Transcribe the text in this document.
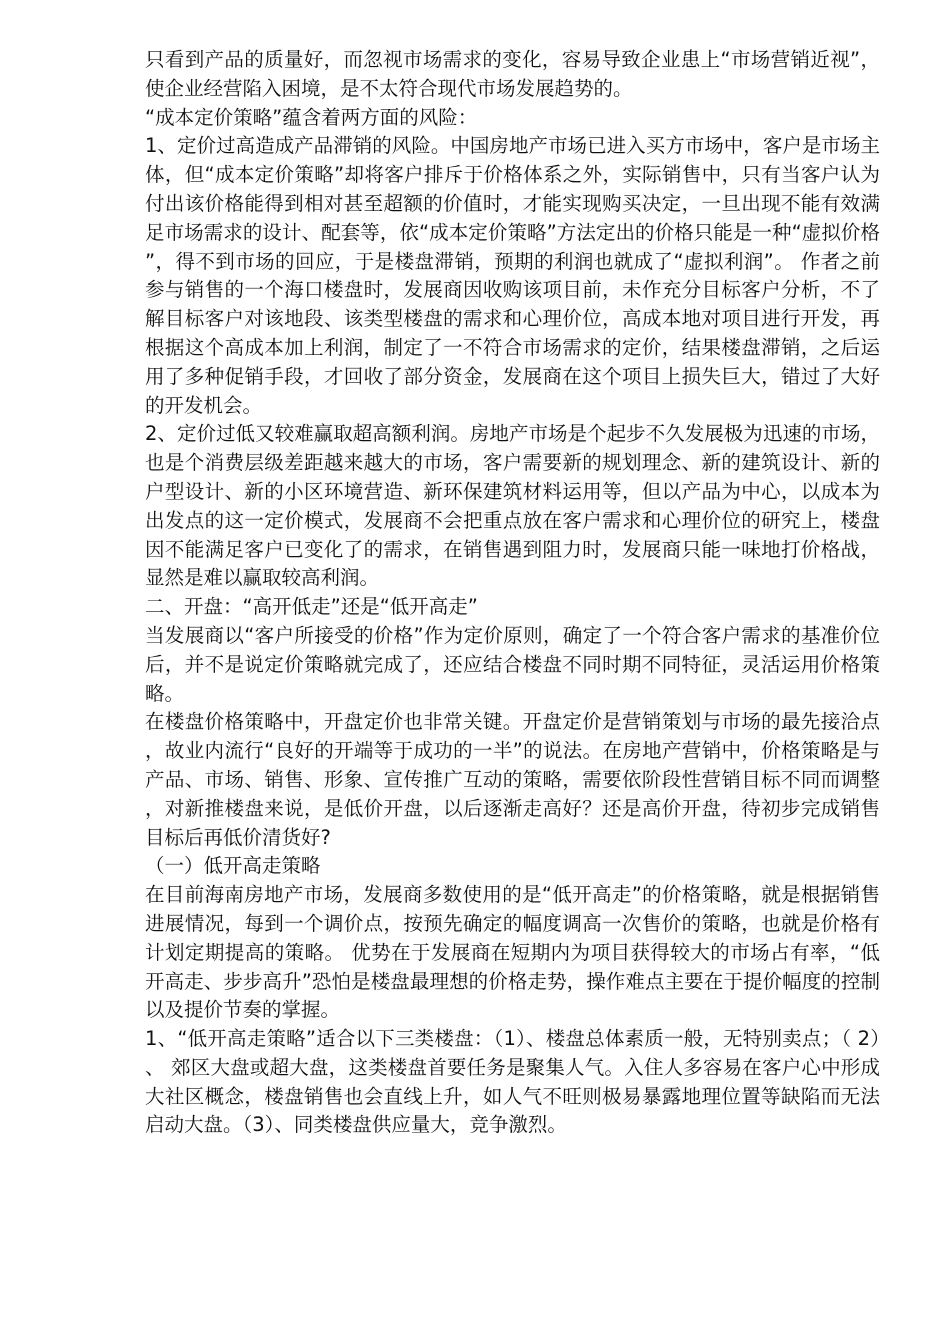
只看到产品的质量好，而忽视市场需求的变化，容易导致企业患上“市场营销近视”，使企业经营陷入困境，是不太符合现代市场发展趋势的。

“成本定价策略”蕴含着两方面的风险：

1、定价过高造成产品滞销的风险。中国房地产市场已进入买方市场中，客户是市场主体，但“成本定价策略”却将客户排斥于价格体系之外，实际销售中，只有当客户认为付出该价格能得到相对甚至超额的价值时，才能实现购买决定，一旦出现不能有效满足市场需求的设计、配套等，依“成本定价策略”方法定出的价格只能是一种“虚拟价格”，得不到市场的回应，于是楼盘滞销，预期的利润也就成了“虚拟利润”。 作者之前参与销售的一个海口楼盘时，发展商因收购该项目前，未作充分目标客户分析，不了解目标客户对该地段、该类型楼盘的需求和心理价位，高成本地对项目进行开发，再根据这个高成本加上利润，制定了一不符合市场需求的定价，结果楼盘滞销，之后运用了多种促销手段，才回收了部分资金，发展商在这个项目上损失巨大，错过了大好的开发机会。

2、定价过低又较难赢取超高额利润。房地产市场是个起步不久发展极为迅速的市场，也是个消费层级差距越来越大的市场，客户需要新的规划理念、新的建筑设计、新的户型设计、新的小区环境营造、新环保建筑材料运用等，但以产品为中心，以成本为出发点的这一定价模式，发展商不会把重点放在客户需求和心理价位的研究上，楼盘因不能满足客户已变化了的需求，在销售遇到阻力时，发展商只能一味地打价格战，显然是难以赢取较高利润。

二、开盘：“高开低走”还是“低开高走”

当发展商以“客户所接受的价格”作为定价原则，确定了一个符合客户需求的基准价位后，并不是说定价策略就完成了，还应结合楼盘不同时期不同特征，灵活运用价格策略。

在楼盘价格策略中，开盘定价也非常关键。开盘定价是营销策划与市场的最先接洽点，故业内流行“良好的开端等于成功的一半”的说法。在房地产营销中，价格策略是与产品、市场、销售、形象、宣传推广互动的策略，需要依阶段性营销目标不同而调整，对新推楼盘来说，是低价开盘，以后逐渐走高好？还是高价开盘，待初步完成销售目标后再低价清货好?

（一）低开高走策略

在目前海南房地产市场，发展商多数使用的是“低开高走”的价格策略，就是根据销售进展情况，每到一个调价点，按预先确定的幅度调高一次售价的策略，也就是价格有计划定期提高的策略。 优势在于发展商在短期内为项目获得较大的市场占有率，“低开高走、步步高升”恐怕是楼盘最理想的价格走势，操作难点主要在于提价幅度的控制以及提价节奏的掌握。

1、“低开高走策略”适合以下三类楼盘：（1）、楼盘总体素质一般，无特别卖点；（ 2）、 郊区大盘或超大盘，这类楼盘首要任务是聚集人气。入住人多容易在客户心中形成大社区概念，楼盘销售也会直线上升，如人气不旺则极易暴露地理位置等缺陷而无法启动大盘。（3）、同类楼盘供应量大，竞争激烈。
